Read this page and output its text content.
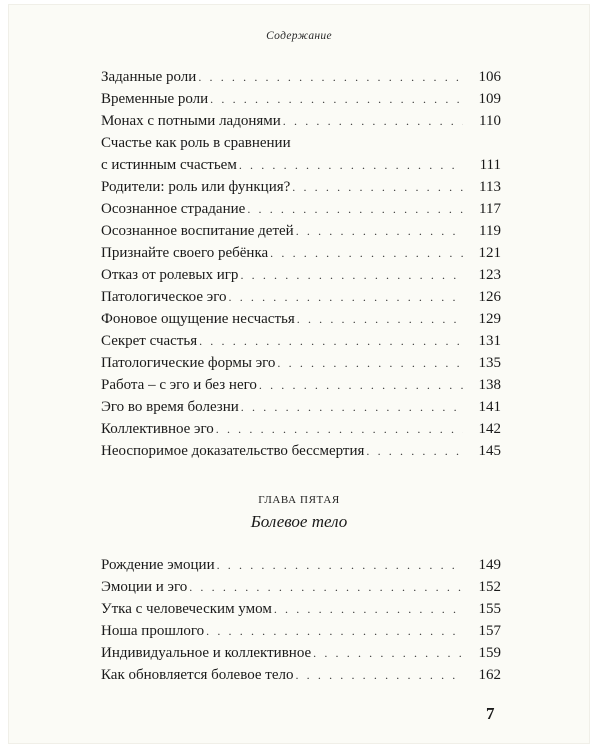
Содержание
Заданные роли . . .	106
Временные роли . . .	109
Монах с потными ладонями . . .	110
Счастье как роль в сравнении
с истинным счастьем . . .	111
Родители: роль или функция? . . .	113
Осознанное страдание . . .	117
Осознанное воспитание детей . . .	119
Признайте своего ребёнка . . .	121
Отказ от ролевых игр . . .	123
Патологическое эго . . .	126
Фоновое ощущение несчастья . . .	129
Секрет счастья . . .	131
Патологические формы эго . . .	135
Работа – с эго и без него . . .	138
Эго во время болезни . . .	141
Коллективное эго . . .	142
Неоспоримое доказательство бессмертия . . .	145
ГЛАВА ПЯТАЯ
Болевое тело
Рождение эмоции . . .	149
Эмоции и эго . . .	152
Утка с человеческим умом . . .	155
Ноша прошлого . . .	157
Индивидуальное и коллективное . . .	159
Как обновляется болевое тело . . .	162
7
